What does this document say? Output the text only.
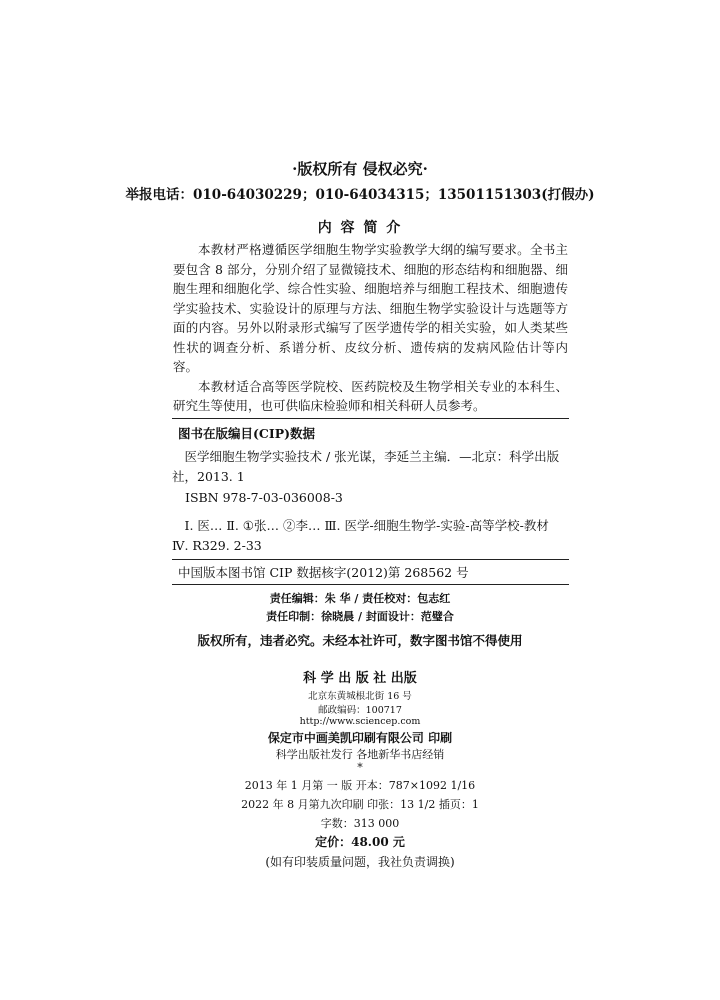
·版权所有 侵权必究·
举报电话：010-64030229；010-64034315；13501151303(打假办)
内 容 简 介

本教材严格遵循医学细胞生物学实验教学大纲的编写要求。全书主要包含 8 部分，分别介绍了显微镜技术、细胞的形态结构和细胞器、细胞生理和细胞化学、综合性实验、细胞培养与细胞工程技术、细胞遗传学实验技术、实验设计的原理与方法、细胞生物学实验设计与选题等方面的内容。另外以附录形式编写了医学遗传学的相关实验，如人类某些性状的调查分析、系谱分析、皮纹分析、遗传病的发病风险估计等内容。

本教材适合高等医学院校、医药院校及生物学相关专业的本科生、研究生等使用，也可供临床检验师和相关科研人员参考。

图书在版编目(CIP)数据
医学细胞生物学实验技术 / 张光谋，李延兰主编．—北京：科学出版社，2013. 1
ISBN 978-7-03-036008-3
Ⅰ. 医… Ⅱ. ①张… ②李… Ⅲ. 医学-细胞生物学-实验-高等学校-教材 Ⅳ. R329. 2-33
中国版本图书馆 CIP 数据核字(2012)第 268562 号
责任编辑：朱 华 / 责任校对：包志红
责任印制：徐晓晨 / 封面设计：范璧合
版权所有，违者必究。未经本社许可，数字图书馆不得使用
科 学 出 版 社 出版
北京东黄城根北街 16 号
邮政编码：100717
http://www.sciencep.com
保定市中画美凯印刷有限公司 印刷
科学出版社发行 各地新华书店经销
*
2013 年 1 月第 一 版 开本：787×1092 1/16
2022 年 8 月第九次印刷 印张：13 1/2 插页：1
字数：313 000
定价：48.00 元
(如有印装质量问题，我社负责调换)
